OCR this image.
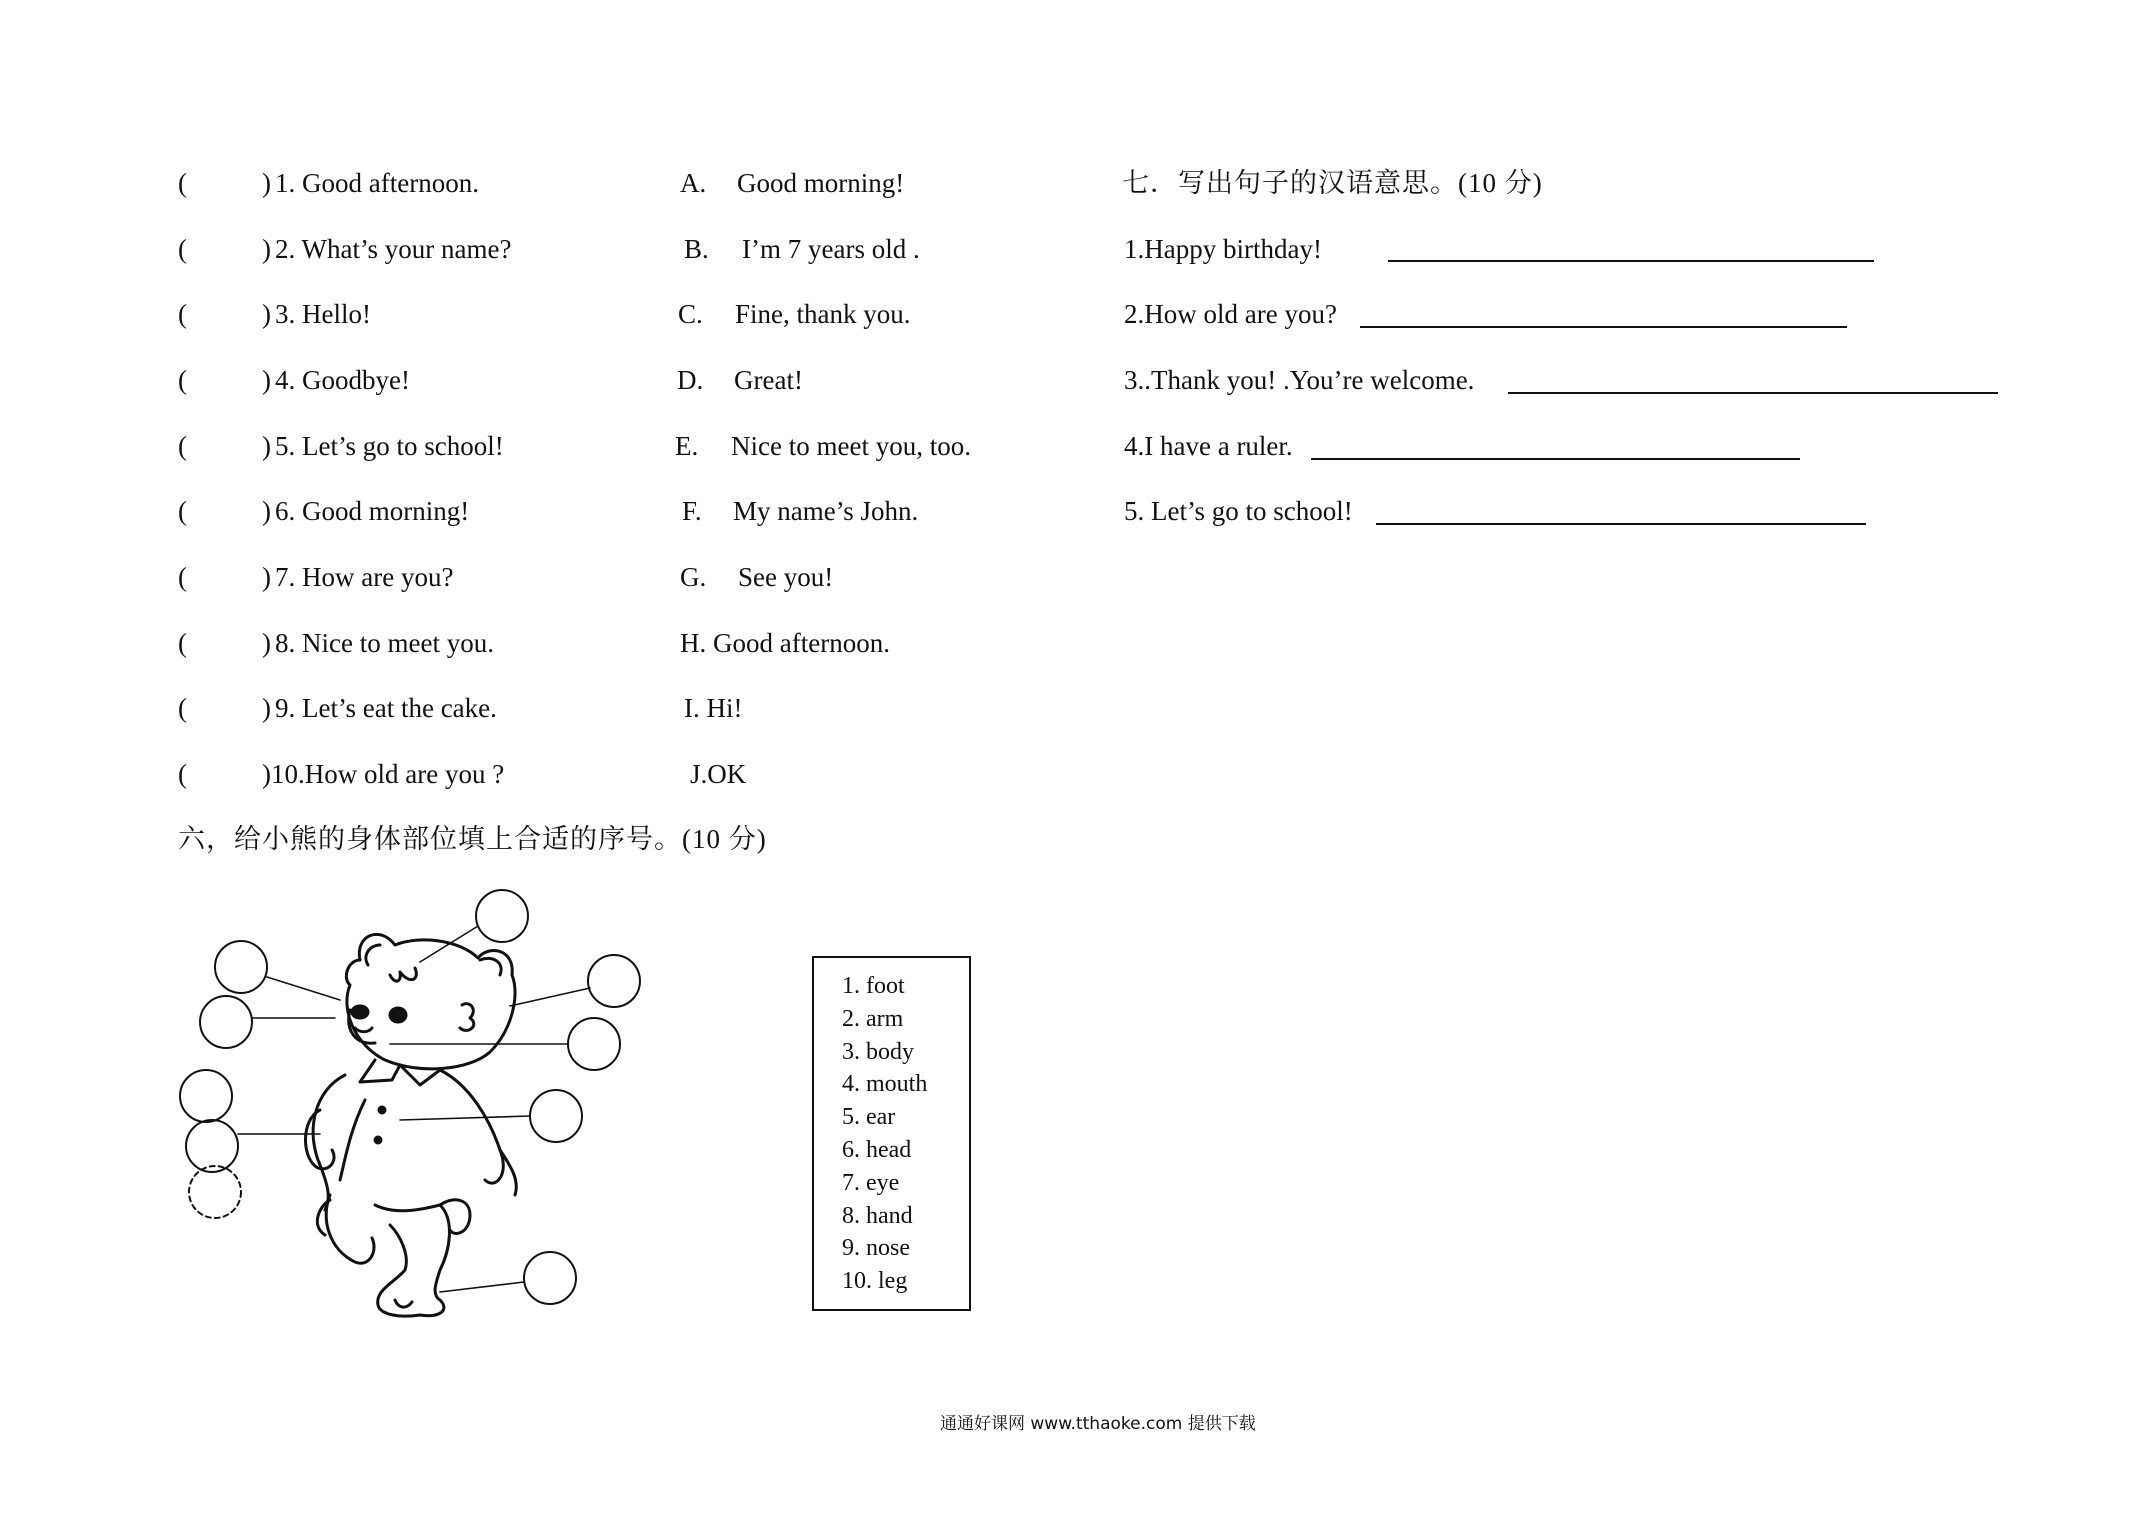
(	) 1. Good afternoon.	A. Good morning!
(	) 2. What’s your name?	B. I’m 7 years old .
(	) 3. Hello!	C. Fine, thank you.
(	) 4. Goodbye!	D. Great!
(	) 5. Let’s go to school!	E. Nice to meet you, too.
(	) 6. Good morning!	F. My name’s John.
(	) 7. How are you?	G. See you!
(	) 8. Nice to meet you.	H. Good afternoon.
(	) 9. Let’s eat the cake.	I. Hi!
(	)10.How old are you ?	J.OK
六，给小熊的身体部位填上合适的序号。(10 分)
1. foot
2. arm
3. body
4. mouth
5. ear
6. head
7. eye
8. hand
9. nose
10. leg
七．写出句子的汉语意思。(10 分)
1.Happy birthday!
2.How old are you?
3..Thank you! .You’re welcome.
4.I have a ruler.
5. Let’s go to school!
通通好课网 www.tthaoke.com 提供下载
